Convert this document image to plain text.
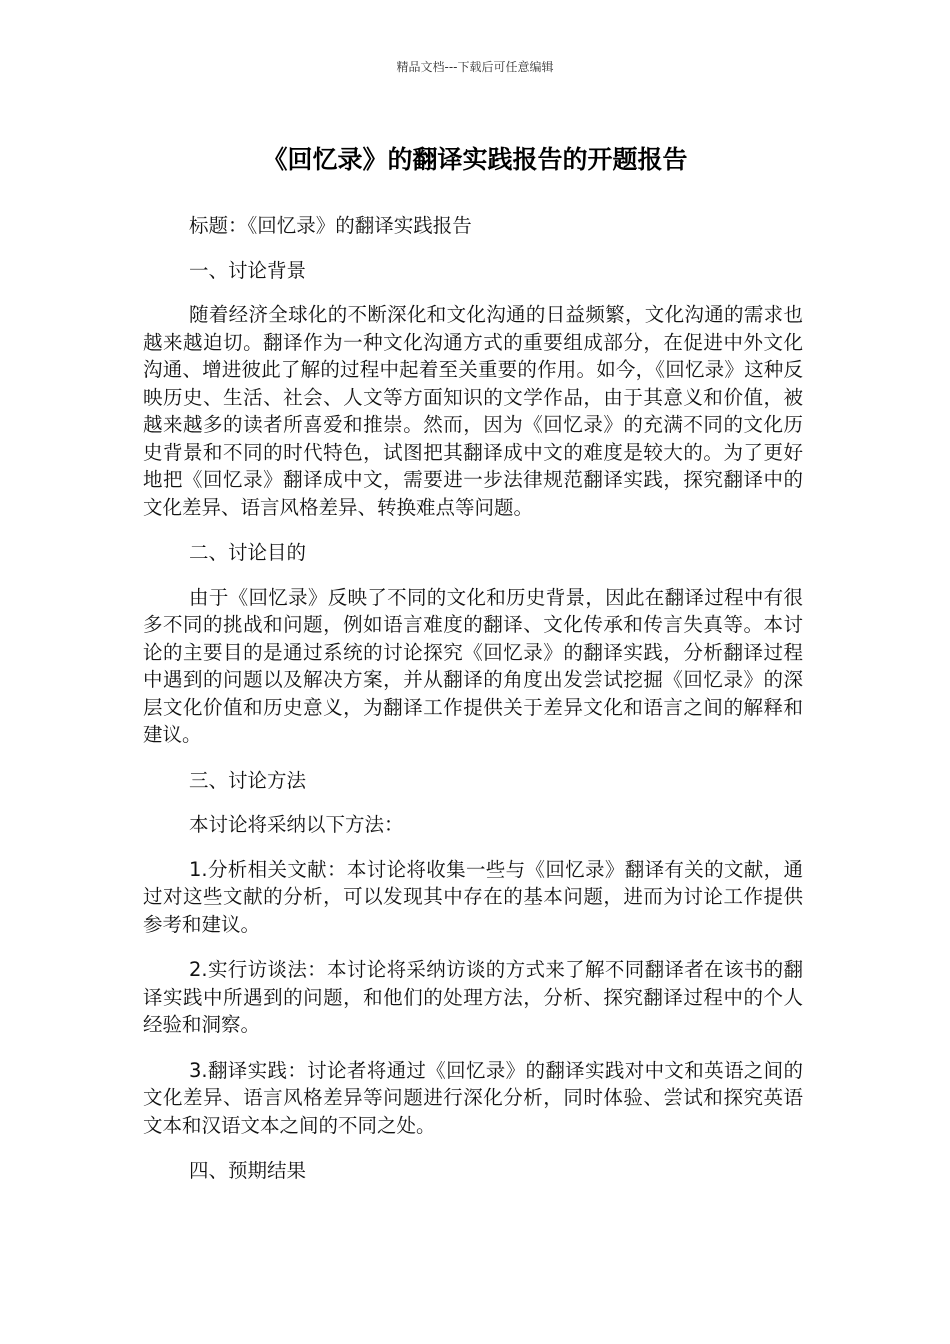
精品文档---下载后可任意编辑
《回忆录》的翻译实践报告的开题报告

标题：《回忆录》的翻译实践报告

一、讨论背景

随着经济全球化的不断深化和文化沟通的日益频繁，文化沟通的需求也越来越迫切。翻译作为一种文化沟通方式的重要组成部分，在促进中外文化沟通、增进彼此了解的过程中起着至关重要的作用。如今，《回忆录》这种反映历史、生活、社会、人文等方面知识的文学作品，由于其意义和价值，被越来越多的读者所喜爱和推崇。然而，因为《回忆录》的充满不同的文化历史背景和不同的时代特色，试图把其翻译成中文的难度是较大的。为了更好地把《回忆录》翻译成中文，需要进一步法律规范翻译实践，探究翻译中的文化差异、语言风格差异、转换难点等问题。

二、讨论目的

由于《回忆录》反映了不同的文化和历史背景，因此在翻译过程中有很多不同的挑战和问题，例如语言难度的翻译、文化传承和传言失真等。本讨论的主要目的是通过系统的讨论探究《回忆录》的翻译实践，分析翻译过程中遇到的问题以及解决方案，并从翻译的角度出发尝试挖掘《回忆录》的深层文化价值和历史意义，为翻译工作提供关于差异文化和语言之间的解释和建议。

三、讨论方法

本讨论将采纳以下方法：

1.分析相关文献：本讨论将收集一些与《回忆录》翻译有关的文献，通过对这些文献的分析，可以发现其中存在的基本问题，进而为讨论工作提供参考和建议。

2.实行访谈法：本讨论将采纳访谈的方式来了解不同翻译者在该书的翻译实践中所遇到的问题，和他们的处理方法，分析、探究翻译过程中的个人经验和洞察。

3.翻译实践：讨论者将通过《回忆录》的翻译实践对中文和英语之间的文化差异、语言风格差异等问题进行深化分析，同时体验、尝试和探究英语文本和汉语文本之间的不同之处。

四、预期结果
